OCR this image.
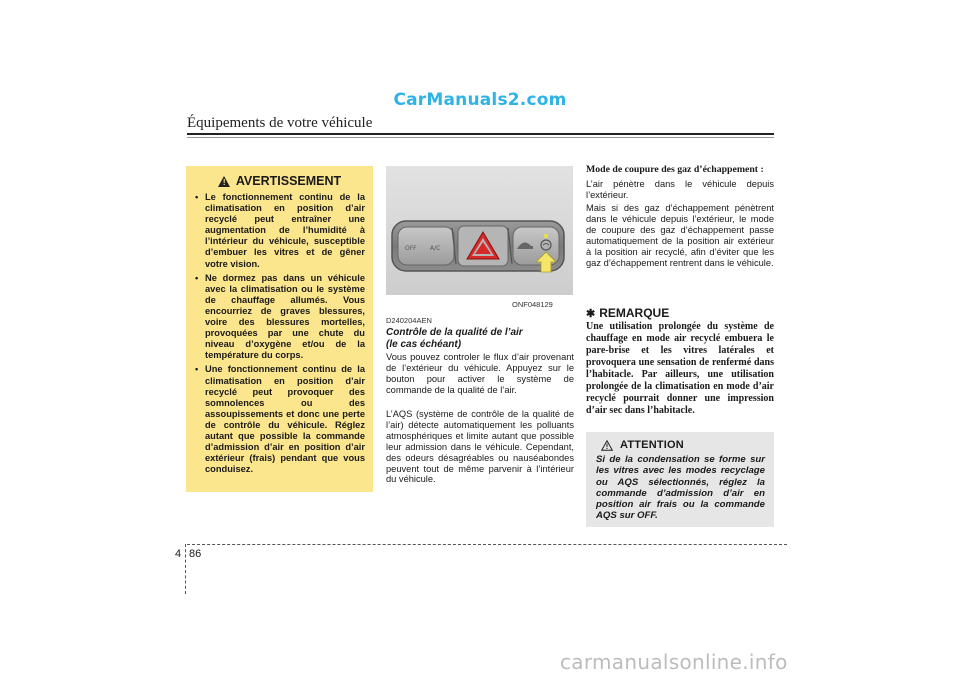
CarManuals2.com
Équipements de votre véhicule
! AVERTISSEMENT
• Le fonctionnement continu de la climatisation en position d’air recyclé peut entraîner une augmentation de l’humidité à l’intérieur du véhicule, susceptible d’embuer les vitres et de gêner votre vision.
• Ne dormez pas dans un véhicule avec la climatisation ou le système de chauffage allumés. Vous encourriez de graves blessures, voire des blessures mortelles, provoquées par une chute du niveau d’oxygène et/ou de la température du corps.
• Une fonctionnement continu de la climatisation en position d’air recyclé peut provoquer des somnolences ou des assoupissements et donc une perte de contrôle du véhicule. Réglez autant que possible la commande d’admission d’air en position d’air extérieur (frais) pendant que vous conduisez.
OFF A/C
ONF048129
D240204AEN
Contrôle de la qualité de l’air
(le cas échéant)
Vous pouvez controler le flux d’air provenant de l’extérieur du véhicule. Appuyez sur le bouton pour activer le système de commande de la qualité de l’air.
L’AQS (système de contrôle de la qualité de l’air) détecte automatiquement les polluants atmosphériques et limite autant que possible leur admission dans le véhicule. Cependant, des odeurs désagréables ou nauséabondes peuvent tout de même parvenir à l’intérieur du véhicule.
Mode de coupure des gaz d’échappement :
L’air pénètre dans le véhicule depuis l’extérieur.
Mais si des gaz d’échappement pénètrent dans le véhicule depuis l’extérieur, le mode de coupure des gaz d’échappement passe automatiquement de la position air extérieur à la position air recyclé, afin d’éviter que les gaz d’échappement rentrent dans le véhicule.
✱ REMARQUE
Une utilisation prolongée du système de chauffage en mode air recyclé embuera le pare-brise et les vitres latérales et provoquera une sensation de renfermé dans l’habitacle. Par ailleurs, une utilisation prolongée de la climatisation en mode d’air recyclé pourrait donner une impression d’air sec dans l’habitacle.
ATTENTION
Si de la condensation se forme sur les vitres avec les modes recyclage ou AQS sélectionnés, réglez la commande d’admission d’air en position air frais ou la commande AQS sur OFF.
4 86
carmanualsonline.info
